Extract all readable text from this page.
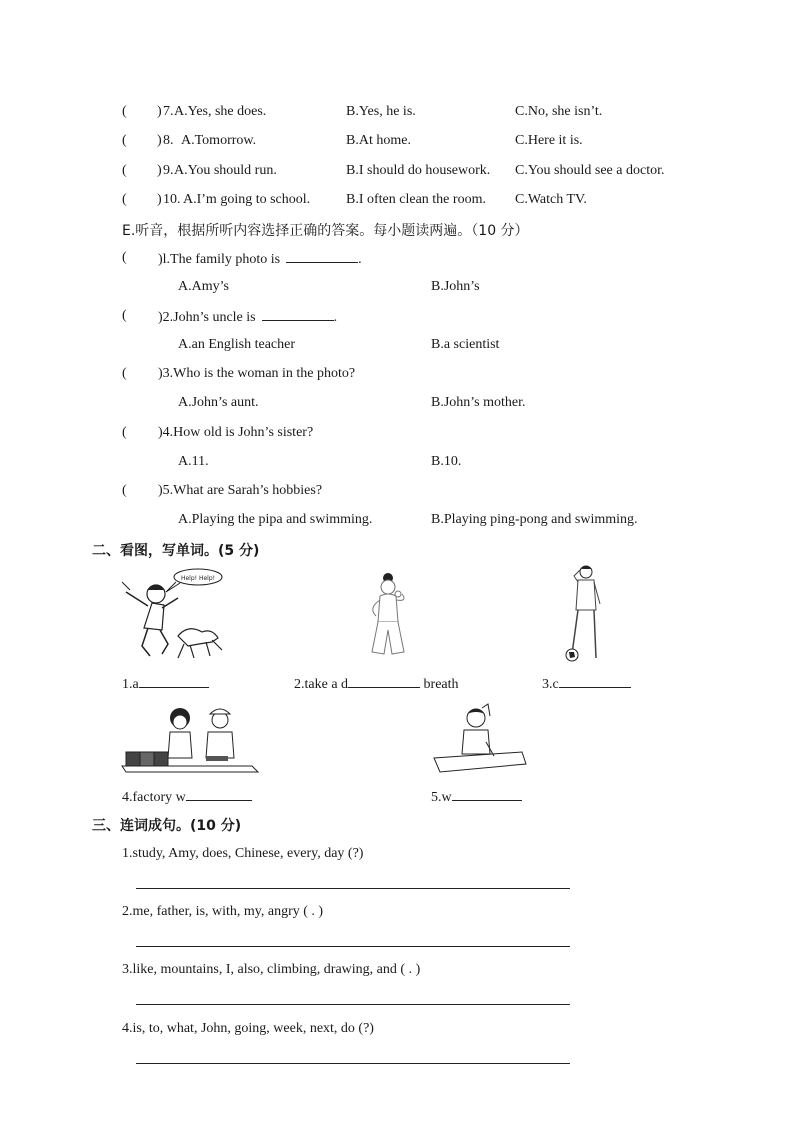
( ) 7. A.Yes, she does.	B.Yes, he is.	C.No, she isn’t.
( ) 8. A.Tomorrow.	B.At home.	C.Here it is.
( ) 9. A.You should run.	B.I should do housework. C.You should see a doctor.
( ) 10. A.I’m going to school.	B.I often clean the room. C.Watch TV.
E.听音，根据所听内容选择正确的答案。每小题读两遍。（10 分）
( )l.The family photo is	.
A.Amy’s	B.John’s
( )2.John’s uncle is	.
A.an English teacher	B.a scientist
( )3.Who is the woman in the photo?
A.John’s aunt.	B.John’s mother.
( )4.How old is John’s sister?
A.11.	B.10.
( )5.What are Sarah’s hobbies?
A.Playing the pipa and swimming.	B.Playing ping-pong and swimming.
二、看图，写单词。(5 分)
Help! Help!
1.a	2.take a d	breath	3.c
4.factory w	5.w
三、连词成句。(10 分)
1.study, Amy, does, Chinese, every, day (?)
2.me, father, is, with, my, angry ( . )
3.like, mountains, I, also, climbing, drawing, and ( . )
4.is, to, what, John, going, week, next, do (?)
